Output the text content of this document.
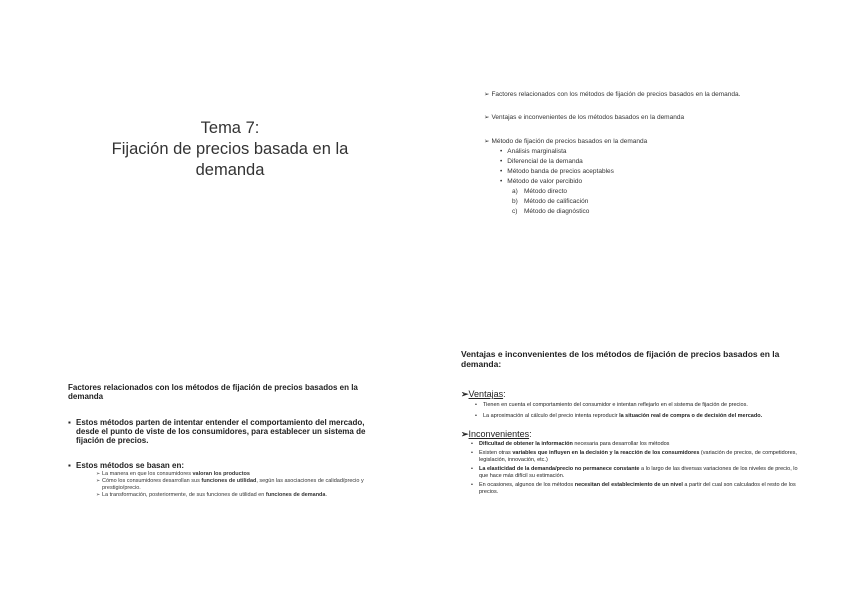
Tema 7:
Fijación de precios basada en la
demanda
➢ Factores relacionados con los métodos de fijación de precios basados en la demanda.
➢ Ventajas e inconvenientes de los métodos basados en la demanda
➢ Método de fijación de precios basados en la demanda
• Análisis marginalista
• Diferencial de la demanda
• Método banda de precios aceptables
• Método de valor percibido
a) Método directo
b) Método de calificación
c) Método de diagnóstico
Factores relacionados con los métodos de fijación de precios basados en la demanda
▪ Estos métodos parten de intentar entender el comportamiento del mercado, desde el punto de viste de los consumidores, para establecer un sistema de fijación de precios.
▪ Estos métodos se basan en:
➢ La manera en que los consumidores valoran los productos
➢ Cómo los consumidores desarrollan sus funciones de utilidad, según las asociaciones de calidad/precio y prestigio/precio.
➢ La transformación, posteriormente, de sus funciones de utilidad en funciones de demanda.
Ventajas e inconvenientes de los métodos de fijación de precios basados en la demanda:
➢Ventajas:
• Tienen en cuenta el comportamiento del consumidor e intentan reflejarlo en el sistema de fijación de precios.
• La aproximación al cálculo del precio intenta reproducir la situación real de compra o de decisión del mercado.
➢Inconvenientes:
• Dificultad de obtener la información necesaria para desarrollar los métodos
• Existen otras variables que influyen en la decisión y la reacción de los consumidores (variación de precios, de competidores, legislación, innovación, etc.)
• La elasticidad de la demanda/precio no permanece constante a lo largo de las diversas variaciones de los niveles de precio, lo que hace más difícil su estimación.
• En ocasiones, algunos de los métodos necesitan del establecimiento de un nivel a partir del cual son calculados el resto de los precios.
